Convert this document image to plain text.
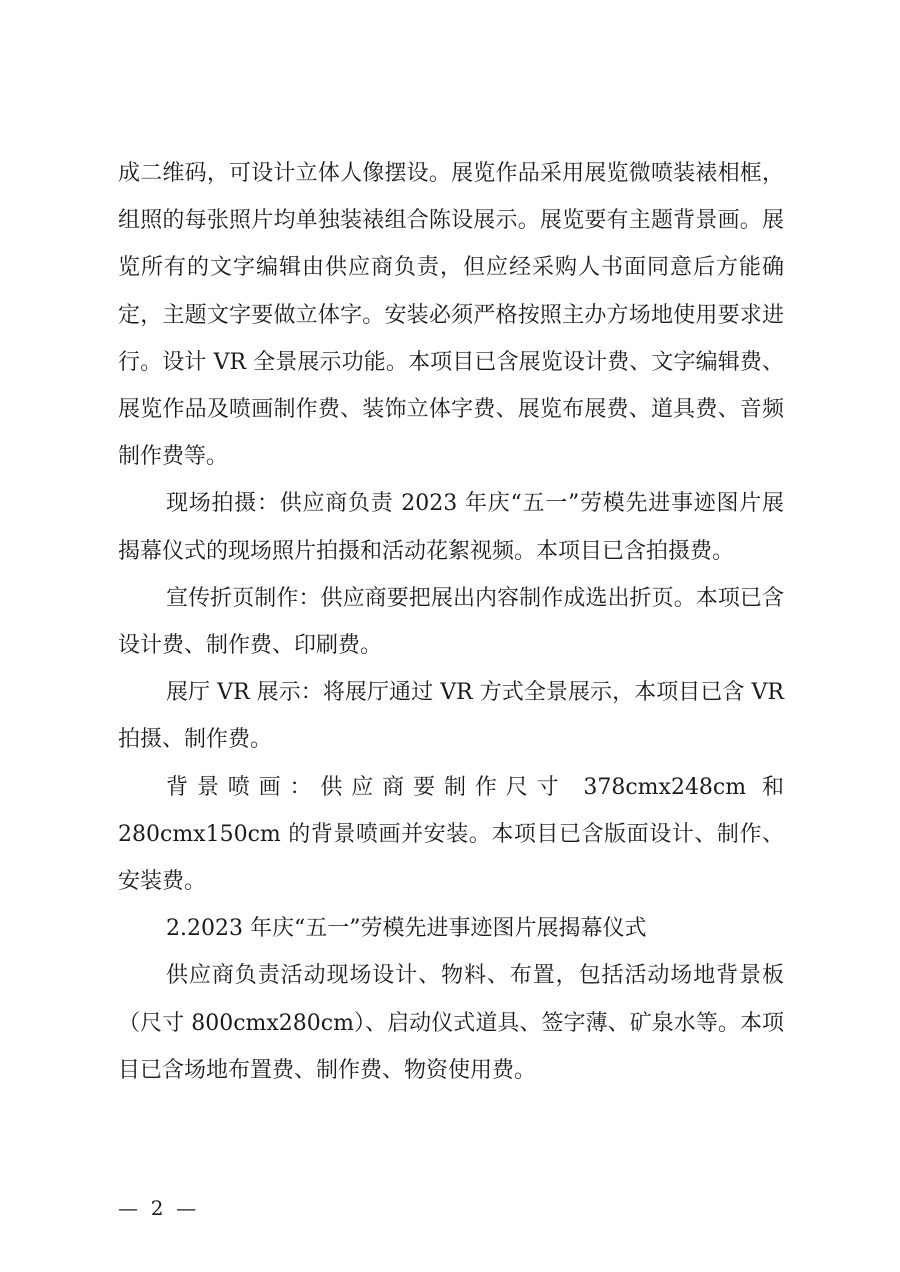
成二维码，可设计立体人像摆设。展览作品采用展览微喷装裱相框，组照的每张照片均单独装裱组合陈设展示。展览要有主题背景画。展览所有的文字编辑由供应商负责，但应经采购人书面同意后方能确定，主题文字要做立体字。安装必须严格按照主办方场地使用要求进行。设计 VR 全景展示功能。本项目已含展览设计费、文字编辑费、展览作品及喷画制作费、装饰立体字费、展览布展费、道具费、音频制作费等。

现场拍摄：供应商负责 2023 年庆“五一”劳模先进事迹图片展揭幕仪式的现场照片拍摄和活动花絮视频。本项目已含拍摄费。

宣传折页制作：供应商要把展出内容制作成选出折页。本项已含设计费、制作费、印刷费。

展厅 VR 展示：将展厅通过 VR 方式全景展示，本项目已含 VR 拍摄、制作费。

背景喷画：供应商要制作尺寸 378cmx248cm 和 280cmx150cm 的背景喷画并安装。本项目已含版面设计、制作、安装费。

2.2023 年庆“五一”劳模先进事迹图片展揭幕仪式

供应商负责活动现场设计、物料、布置，包括活动场地背景板（尺寸 800cmx280cm）、启动仪式道具、签字薄、矿泉水等。本项目已含场地布置费、制作费、物资使用费。

—  2  —
